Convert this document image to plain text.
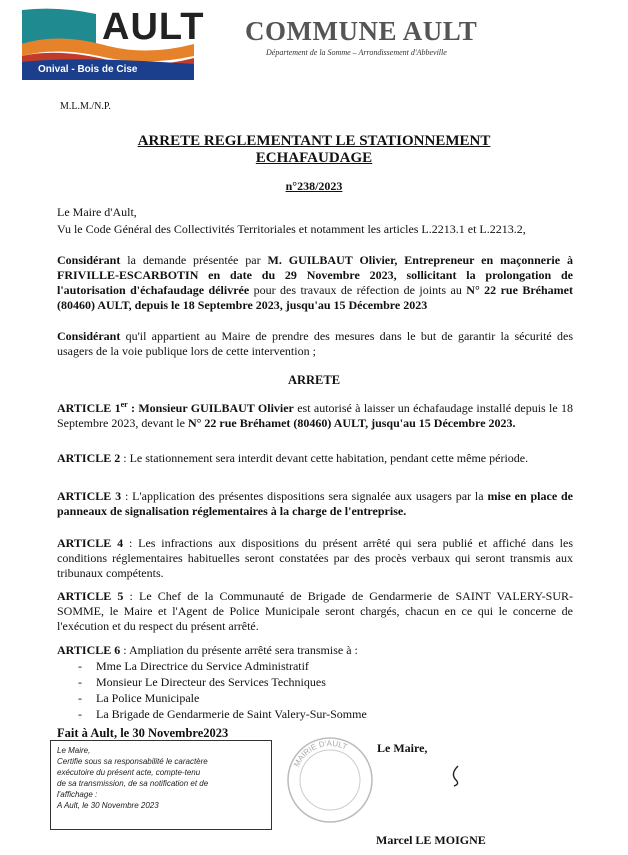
AULT
Onival - Bois de Cise
COMMUNE AULT
Département de la Somme – Arrondissement d'Abbeville
M.L.M./N.P.
ARRETE REGLEMENTANT LE STATIONNEMENT
ECHAFAUDAGE
n°238/2023
Le Maire d'Ault,
Vu le Code Général des Collectivités Territoriales et notamment les articles L.2213.1 et L.2213.2,
Considérant la demande présentée par M. GUILBAUT Olivier, Entrepreneur en maçonnerie à FRIVILLE-ESCARBOTIN en date du 29 Novembre 2023, sollicitant la prolongation de l'autorisation d'échafaudage délivrée pour des travaux de réfection de joints au N° 22 rue Bréhamet (80460) AULT, depuis le 18 Septembre 2023, jusqu'au 15 Décembre 2023
Considérant qu'il appartient au Maire de prendre des mesures dans le but de garantir la sécurité des usagers de la voie publique lors de cette intervention ;
ARRETE
ARTICLE 1er : Monsieur GUILBAUT Olivier est autorisé à laisser un échafaudage installé depuis le 18 Septembre 2023, devant le N° 22 rue Bréhamet (80460) AULT, jusqu'au 15 Décembre 2023.
ARTICLE 2 : Le stationnement sera interdit devant cette habitation, pendant cette même période.
ARTICLE 3 : L'application des présentes dispositions sera signalée aux usagers par la mise en place de panneaux de signalisation réglementaires à la charge de l'entreprise.
ARTICLE 4 : Les infractions aux dispositions du présent arrêté qui sera publié et affiché dans les conditions réglementaires habituelles seront constatées par des procès verbaux qui seront transmis aux tribunaux compétents.
ARTICLE 5 : Le Chef de la Communauté de Brigade de Gendarmerie de SAINT VALERY-SUR-SOMME, le Maire et l'Agent de Police Municipale seront chargés, chacun en ce qui le concerne de l'exécution et du respect du présent arrêté.
ARTICLE 6 : Ampliation du présente arrêté sera transmise à :
- Mme La Directrice du Service Administratif
- Monsieur Le Directeur des Services Techniques
- La Police Municipale
- La Brigade de Gendarmerie de Saint Valery-Sur-Somme
Fait à Ault, le 30 Novembre2023
Le Maire,
Certifie sous sa responsabilité le caractère
exécutoire du présent acte, compte-tenu
de sa transmission, de sa notification et de
l'affichage :
A Ault, le 30 Novembre 2023
MAIRIE D'AULT Le Maire,
Marcel LE MOIGNE
